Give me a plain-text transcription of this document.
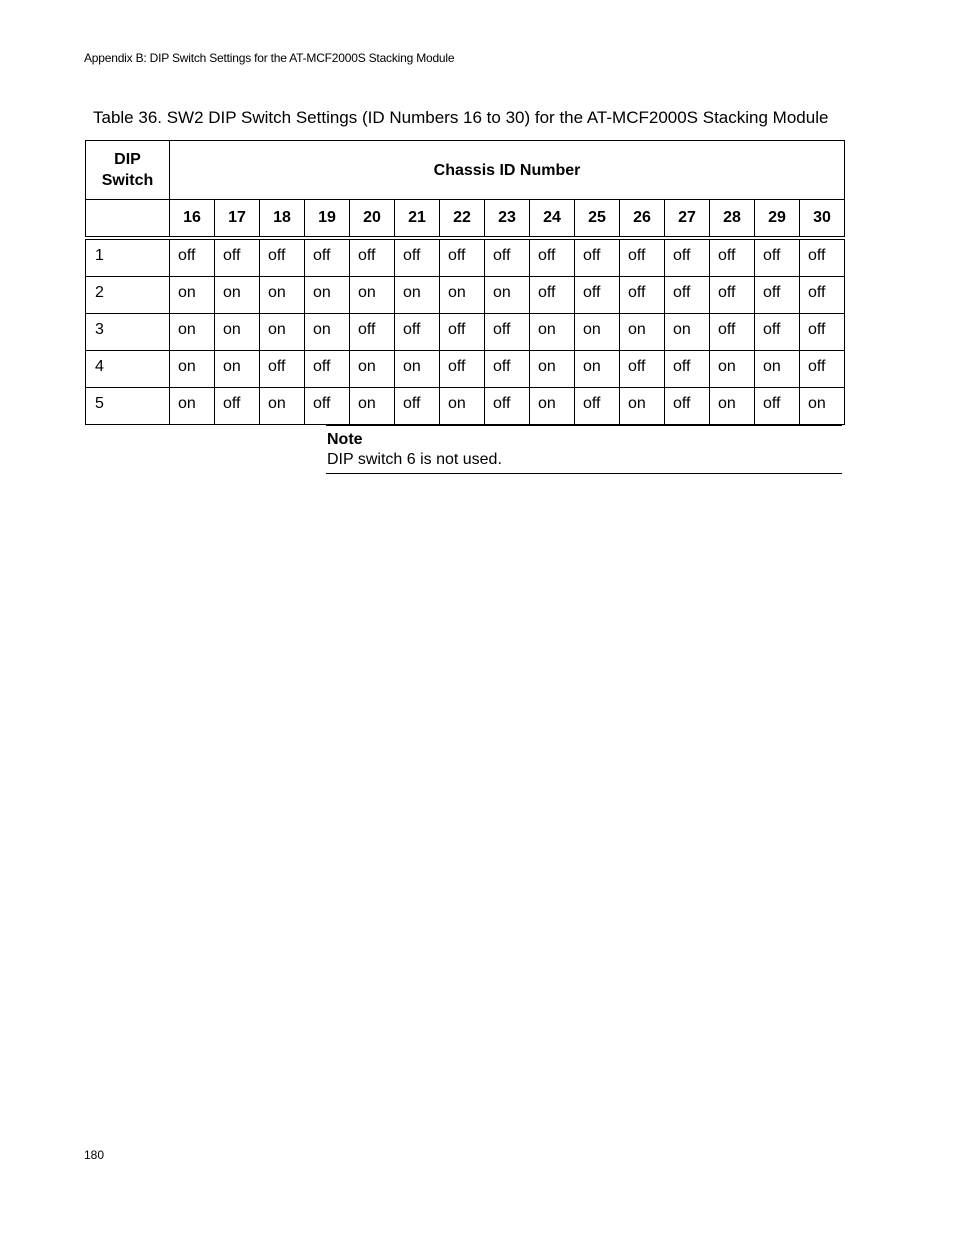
Appendix B: DIP Switch Settings for the AT-MCF2000S Stacking Module
Table 36. SW2 DIP Switch Settings (ID Numbers 16 to 30) for the AT-MCF2000S Stacking Module
DIP
Switch	Chassis ID Number														
	16	17	18	19	20	21	22	23	24	25	26	27	28	29	30
1	off	off	off	off	off	off	off	off	off	off	off	off	off	off	off
2	on	on	on	on	on	on	on	on	off	off	off	off	off	off	off
3	on	on	on	on	off	off	off	off	on	on	on	on	off	off	off
4	on	on	off	off	on	on	off	off	on	on	off	off	on	on	off
5	on	off	on	off	on	off	on	off	on	off	on	off	on	off	on
Note
DIP switch 6 is not used.
180
